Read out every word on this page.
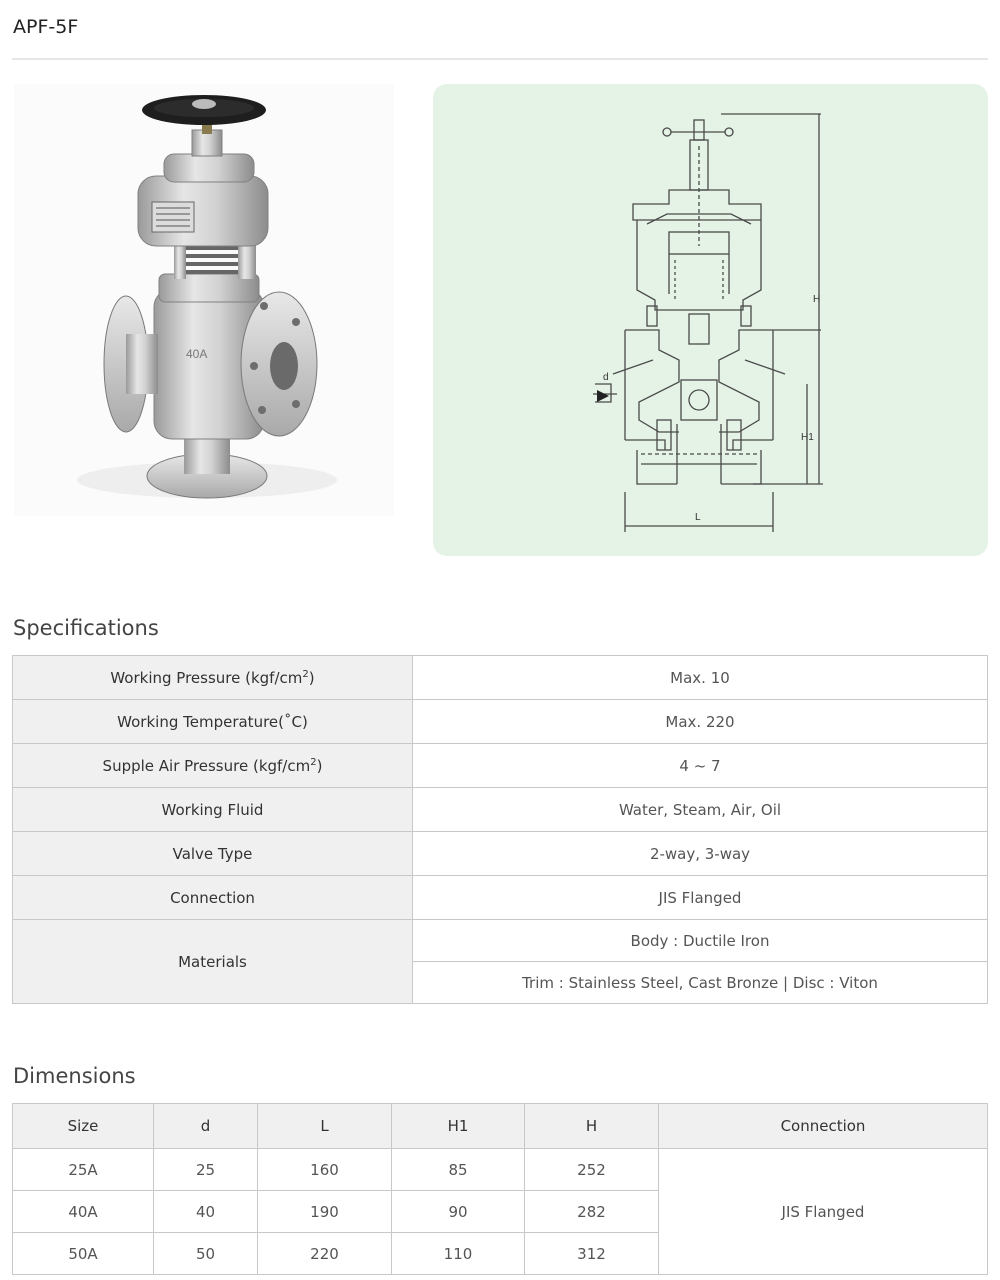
APF-5F
40A
H
H1
L
d
Specifications
Working Pressure $(kgf/cm^2)$	Max. 10
Working Temperature(˚C)	Max. 220
Supple Air Pressure $(kgf/cm^2)$	4 ~ 7
Working Fluid	Water, Steam, Air, Oil
Valve Type	2-way, 3-way
Connection	JIS Flanged
Materials	Body : Ductile Iron
	Trim : Stainless Steel, Cast Bronze | Disc : Viton
Dimensions
Size	d	L	H1	H	Connection
25A	25	160	85	252	JIS Flanged
40A	40	190	90	282	
50A	50	220	110	312	
